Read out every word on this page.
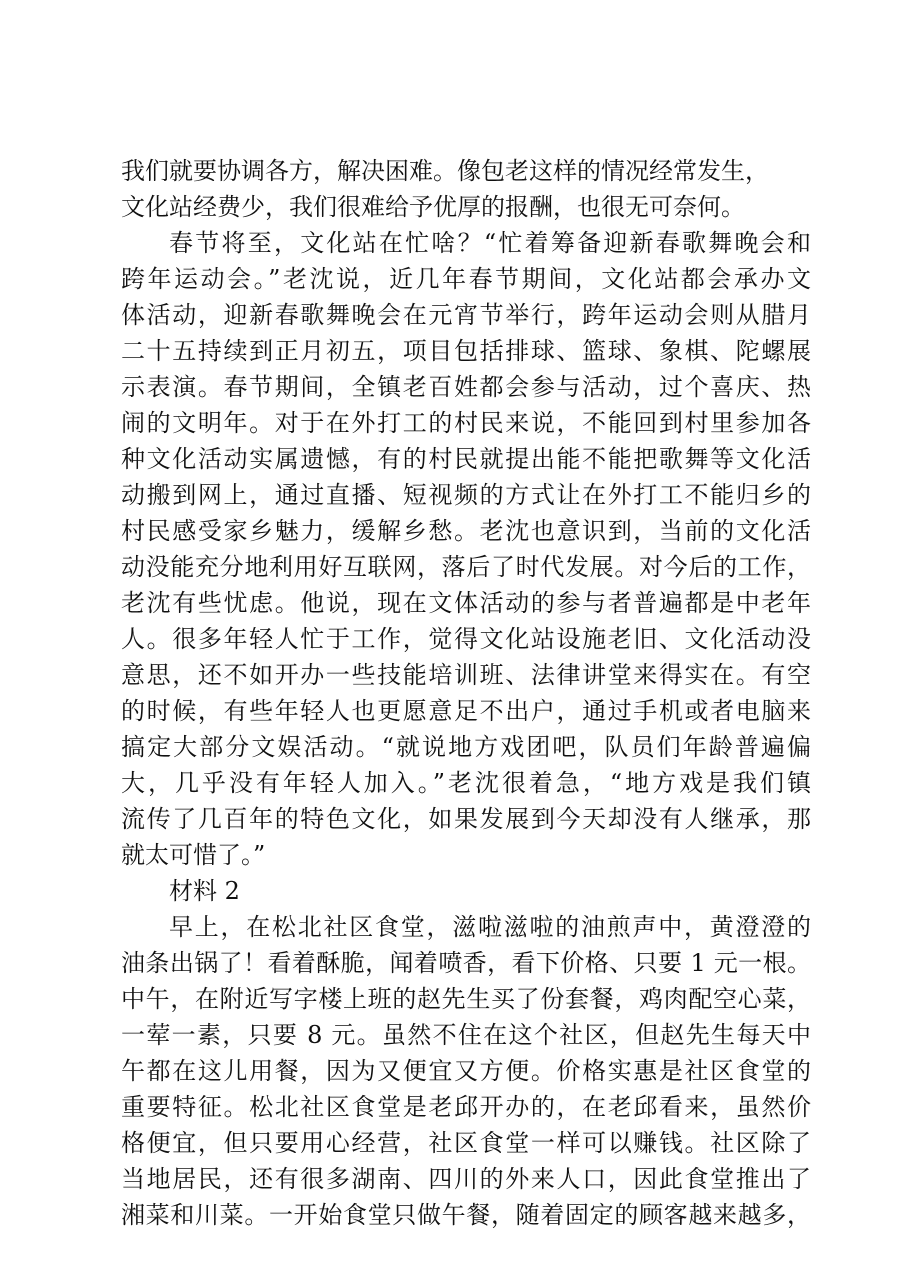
我们就要协调各方，解决困难。像包老这样的情况经常发生，
文化站经费少，我们很难给予优厚的报酬，也很无可奈何。
春节将至，文化站在忙啥？“忙着筹备迎新春歌舞晚会和
跨年运动会。”老沈说，近几年春节期间，文化站都会承办文
体活动，迎新春歌舞晚会在元宵节举行，跨年运动会则从腊月
二十五持续到正月初五，项目包括排球、篮球、象棋、陀螺展
示表演。春节期间，全镇老百姓都会参与活动，过个喜庆、热
闹的文明年。对于在外打工的村民来说，不能回到村里参加各
种文化活动实属遗憾，有的村民就提出能不能把歌舞等文化活
动搬到网上，通过直播、短视频的方式让在外打工不能归乡的
村民感受家乡魅力，缓解乡愁。老沈也意识到，当前的文化活
动没能充分地利用好互联网，落后了时代发展。对今后的工作，
老沈有些忧虑。他说，现在文体活动的参与者普遍都是中老年
人。很多年轻人忙于工作，觉得文化站设施老旧、文化活动没
意思，还不如开办一些技能培训班、法律讲堂来得实在。有空
的时候，有些年轻人也更愿意足不出户，通过手机或者电脑来
搞定大部分文娱活动。“就说地方戏团吧，队员们年龄普遍偏
大，几乎没有年轻人加入。”老沈很着急，“地方戏是我们镇
流传了几百年的特色文化，如果发展到今天却没有人继承，那
就太可惜了。”
材料 2
早上，在松北社区食堂，滋啦滋啦的油煎声中，黄澄澄的
油条出锅了！看着酥脆，闻着喷香，看下价格、只要 1 元一根。
中午，在附近写字楼上班的赵先生买了份套餐，鸡肉配空心菜，
一荤一素，只要 8 元。虽然不住在这个社区，但赵先生每天中
午都在这儿用餐，因为又便宜又方便。价格实惠是社区食堂的
重要特征。松北社区食堂是老邱开办的，在老邱看来，虽然价
格便宜，但只要用心经营，社区食堂一样可以赚钱。社区除了
当地居民，还有很多湖南、四川的外来人口，因此食堂推出了
湘菜和川菜。一开始食堂只做午餐，随着固定的顾客越来越多，
